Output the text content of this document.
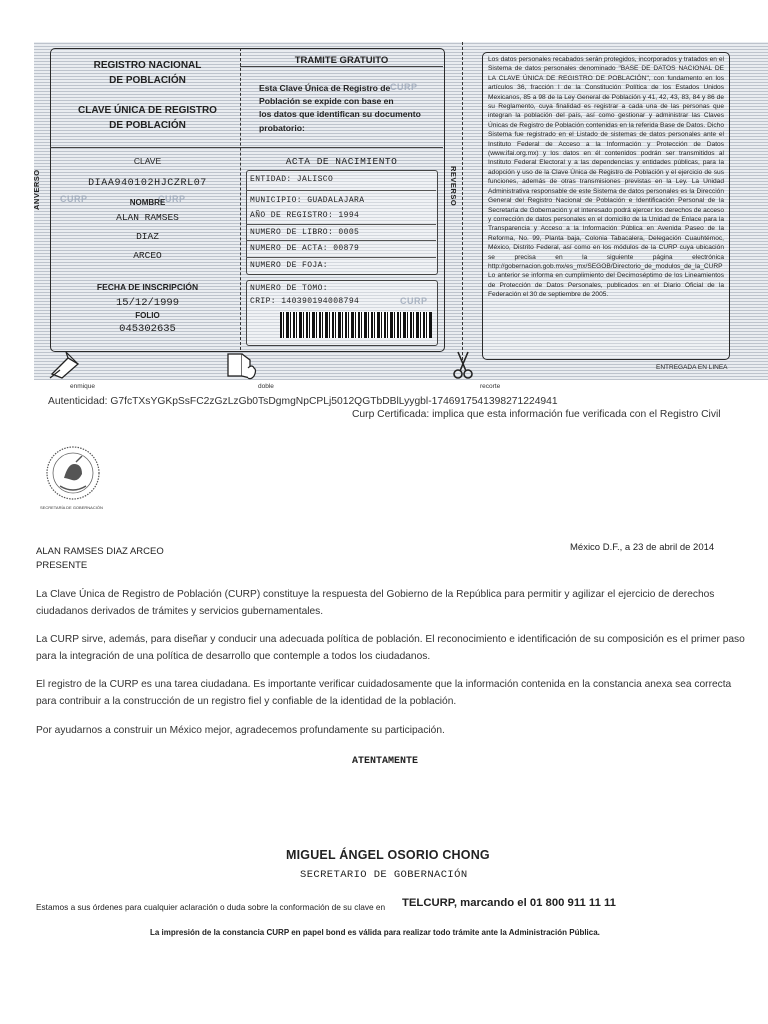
REGISTRO NACIONAL
DE POBLACIÓN
TRAMITE GRATUITO
CLAVE ÚNICA DE REGISTRO
DE POBLACIÓN
Esta Clave Única de Registro de
Población se expide con base en
los datos que identifican su documento
probatorio:
CURP
CLAVE
DIAA940102HJCZRL07
CURP	CURP
NOMBRE
ALAN RAMSES
DIAZ
ARCEO
FECHA DE INSCRIPCIÓN
15/12/1999
FOLIO
045302635
ACTA DE NACIMIENTO
ENTIDAD: JALISCO
MUNICIPIO: GUADALAJARA
AÑO DE REGISTRO: 1994
NUMERO DE LIBRO: 0005
NUMERO DE ACTA: 00879
NUMERO DE FOJA:
NUMERO DE TOMO:
CRIP: 140390194008794	CURP
ANVERSO	REVERSO
Los datos personales recabados serán protegidos, incorporados y tratados en el Sistema de datos personales denominado "BASE DE DATOS NACIONAL DE LA CLAVE ÚNICA DE REGISTRO DE POBLACIÓN", con fundamento en los artículos 36, fracción I de la Constitución Política de los Estados Unidos Mexicanos, 85 a 98 de la Ley General de Población y 41, 42, 43, 83, 84 y 86 de su Reglamento, cuya finalidad es registrar a cada una de las personas que integran la población del país, así como gestionar y administrar las Claves Únicas de Registro de Población contenidas en la referida Base de Datos. Dicho Sistema fue registrado en el Listado de sistemas de datos personales ante el Instituto Federal de Acceso a la Información y Protección de Datos (www.ifai.org.mx) y los datos en él contenidos podrán ser transmitidos al Instituto Federal Electoral y a las dependencias y entidades públicas, para la adopción y uso de la Clave Única de Registro de Población y el ejercicio de sus funciones, además de otras transmisiones previstas en la Ley. La Unidad Administrativa responsable de este Sistema de datos personales es la Dirección General del Registro Nacional de Población e Identificación Personal de la Secretaría de Gobernación y el interesado podrá ejercer los derechos de acceso y corrección de datos personales en el domicilio de la Unidad de Enlace para la Transparencia y Acceso a la Información Pública en Avenida Paseo de la Reforma, No. 99, Planta baja, Colonia Tabacalera, Delegación Cuauhtémoc, México, Distrito Federal, así como en los módulos de la CURP cuya ubicación se precisa en la siguiente página electrónica http://gobernacion.gob.mx/es_mx/SEGOB/Directorio_de_modulos_de_la_CURP Lo anterior se informa en cumplimiento del Decimoséptimo de los Lineamientos de Protección de Datos Personales, publicados en el Diario Oficial de la Federación el 30 de septiembre de 2005.
ENTREGADA EN LINEA
enmique	doble	recorte
Autenticidad: G7fcTXsYGKpSsFC2zGzLzGb0TsDgmgNpCPLj5012QGTbDBlLyygbl-1746917541398271224941
Curp Certificada: implica que esta información fue verificada con el Registro Civil
SECRETARÍA DE GOBERNACIÓN
ALAN RAMSES DIAZ ARCEO
PRESENTE
México D.F., a 23 de abril de 2014
La Clave Única de Registro de Población (CURP) constituye la respuesta del Gobierno de la República para permitir y agilizar el ejercicio de derechos ciudadanos derivados de trámites y servicios gubernamentales.
La CURP sirve, además, para diseñar y conducir una adecuada política de población. El reconocimiento e identificación de su composición es el primer paso para la integración de una política de desarrollo que contemple a todos los ciudadanos.
El registro de la CURP es una tarea ciudadana. Es importante verificar cuidadosamente que la información contenida en la constancia anexa sea correcta para contribuir a la construcción de un registro fiel y confiable de la identidad de la población.
Por ayudarnos a construir un México mejor, agradecemos profundamente su participación.
ATENTAMENTE
MIGUEL ÁNGEL OSORIO CHONG
SECRETARIO DE GOBERNACIÓN
Estamos a sus órdenes para cualquier aclaración o duda sobre la conformación de su clave en TELCURP, marcando el 01 800 911 11 11
La impresión de la constancia CURP en papel bond es válida para realizar todo trámite ante la Administración Pública.
